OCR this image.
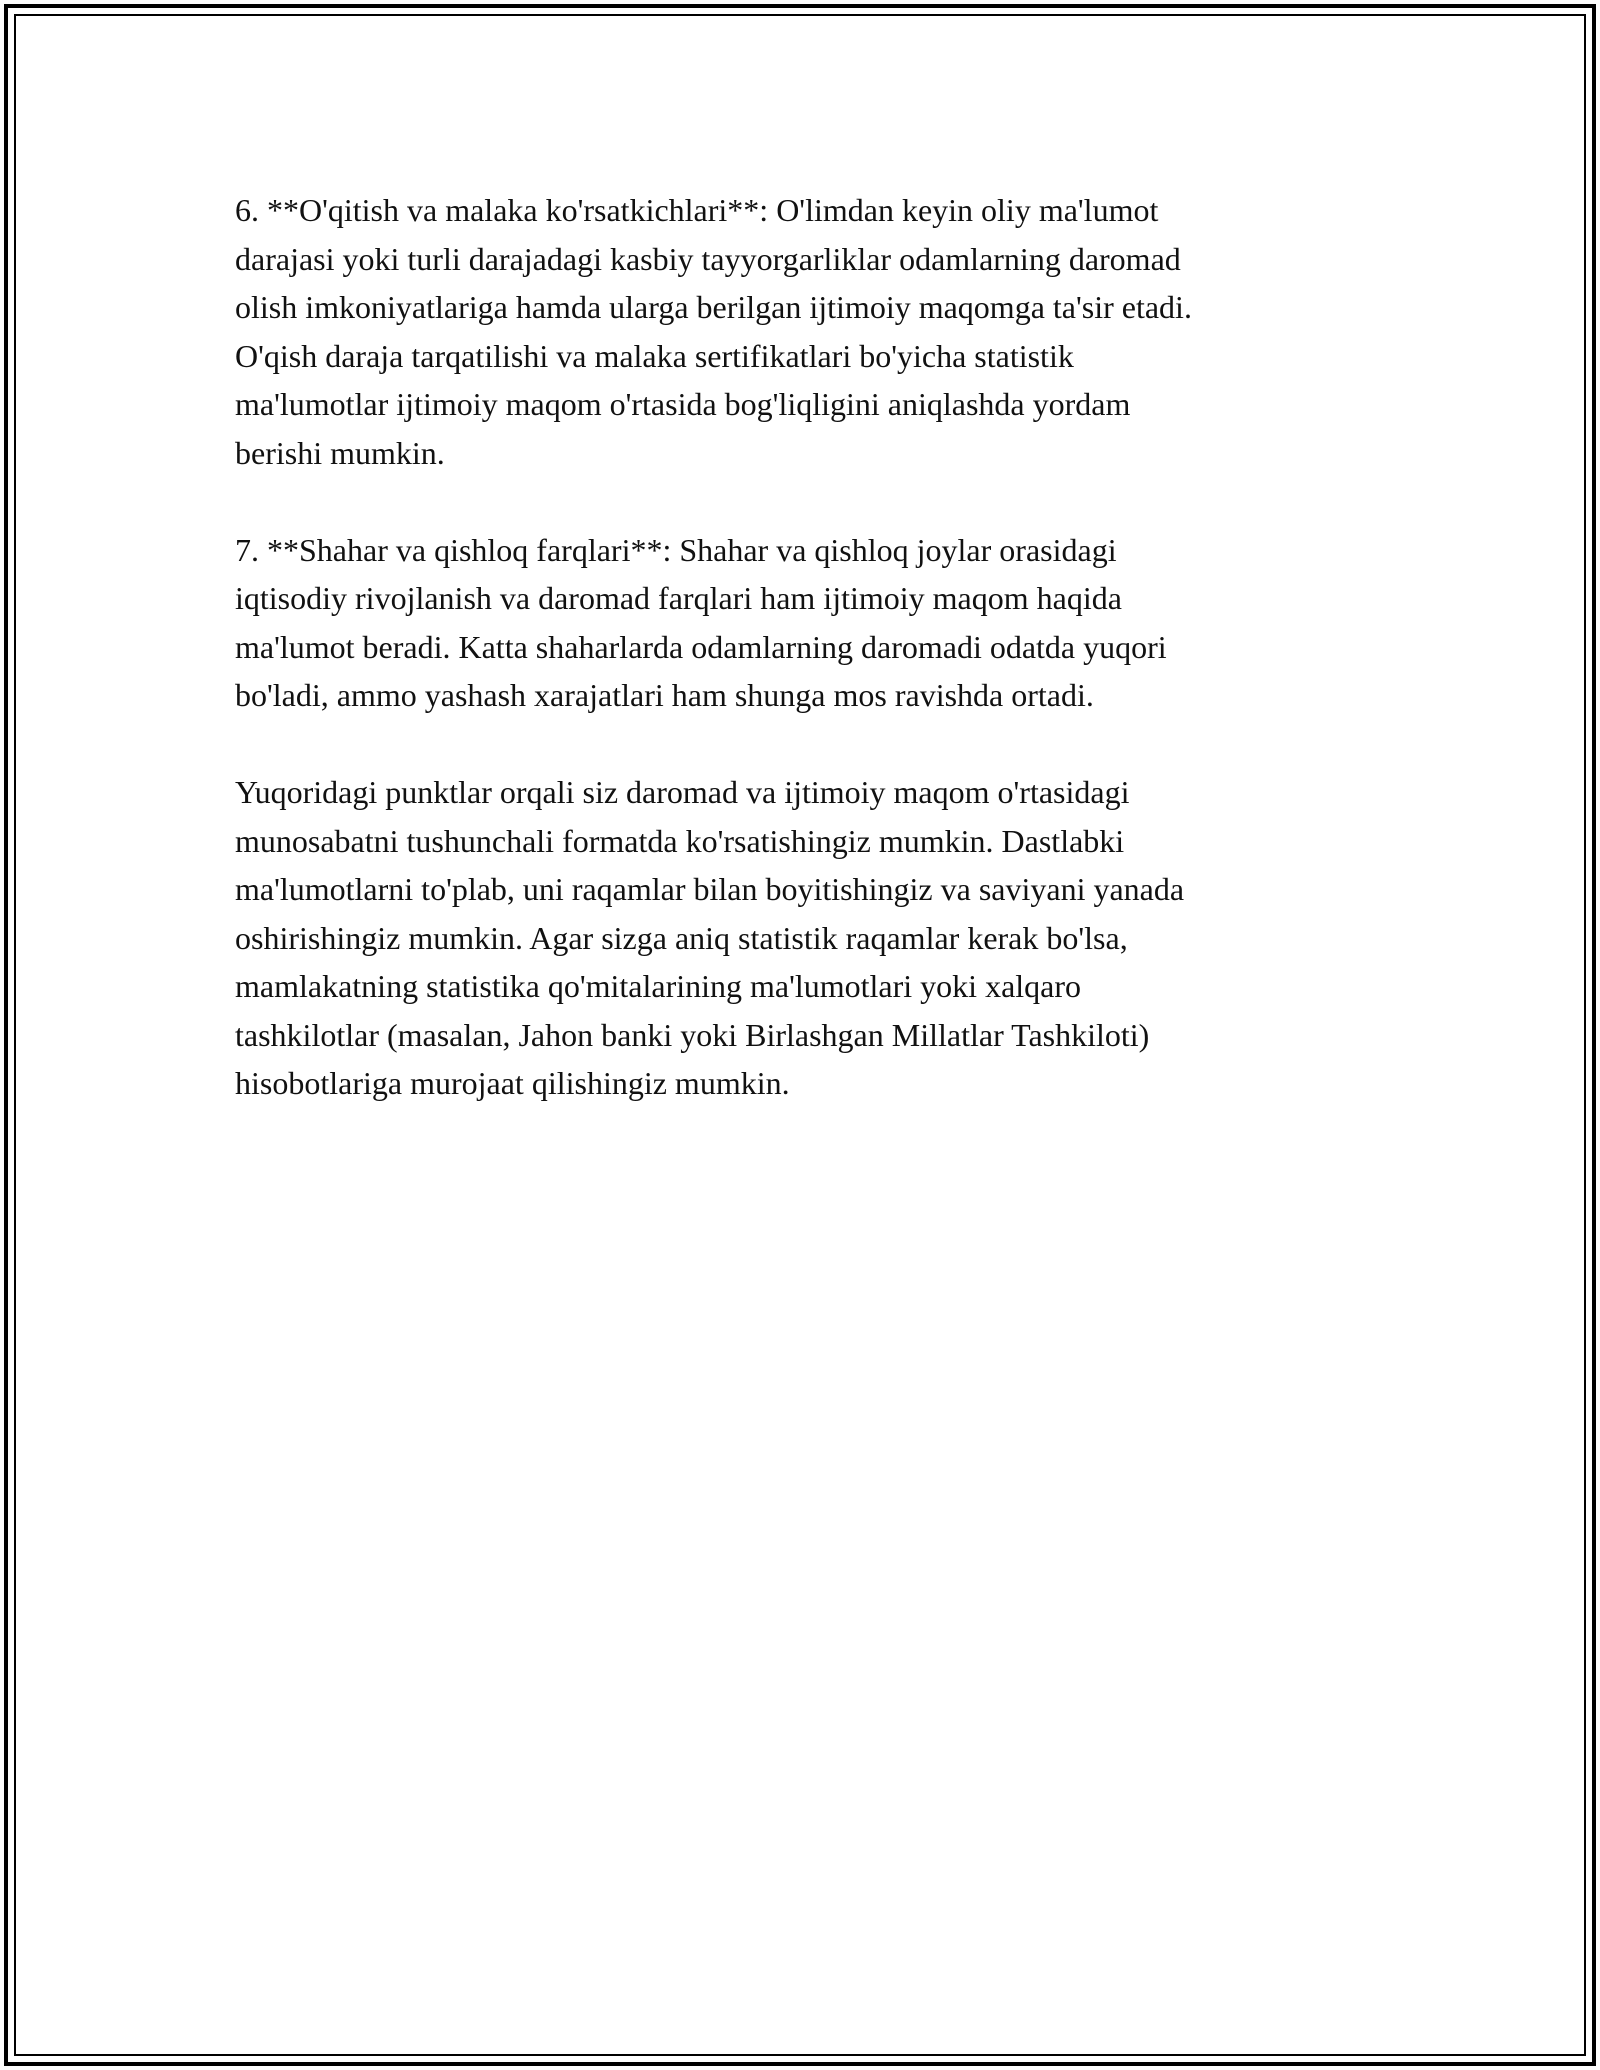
6. **O'qitish va malaka ko'rsatkichlari**: O'limdan keyin oliy ma'lumot
darajasi yoki turli darajadagi kasbiy tayyorgarliklar odamlarning daromad
olish imkoniyatlariga hamda ularga berilgan ijtimoiy maqomga ta'sir etadi.
O'qish daraja tarqatilishi va malaka sertifikatlari bo'yicha statistik
ma'lumotlar ijtimoiy maqom o'rtasida bog'liqligini aniqlashda yordam
berishi mumkin.

7. **Shahar va qishloq farqlari**: Shahar va qishloq joylar orasidagi
iqtisodiy rivojlanish va daromad farqlari ham ijtimoiy maqom haqida
ma'lumot beradi. Katta shaharlarda odamlarning daromadi odatda yuqori
bo'ladi, ammo yashash xarajatlari ham shunga mos ravishda ortadi.

Yuqoridagi punktlar orqali siz daromad va ijtimoiy maqom o'rtasidagi
munosabatni tushunchali formatda ko'rsatishingiz mumkin. Dastlabki
ma'lumotlarni to'plab, uni raqamlar bilan boyitishingiz va saviyani yanada
oshirishingiz mumkin. Agar sizga aniq statistik raqamlar kerak bo'lsa,
mamlakatning statistika qo'mitalarining ma'lumotlari yoki xalqaro
tashkilotlar (masalan, Jahon banki yoki Birlashgan Millatlar Tashkiloti)
hisobotlariga murojaat qilishingiz mumkin.
